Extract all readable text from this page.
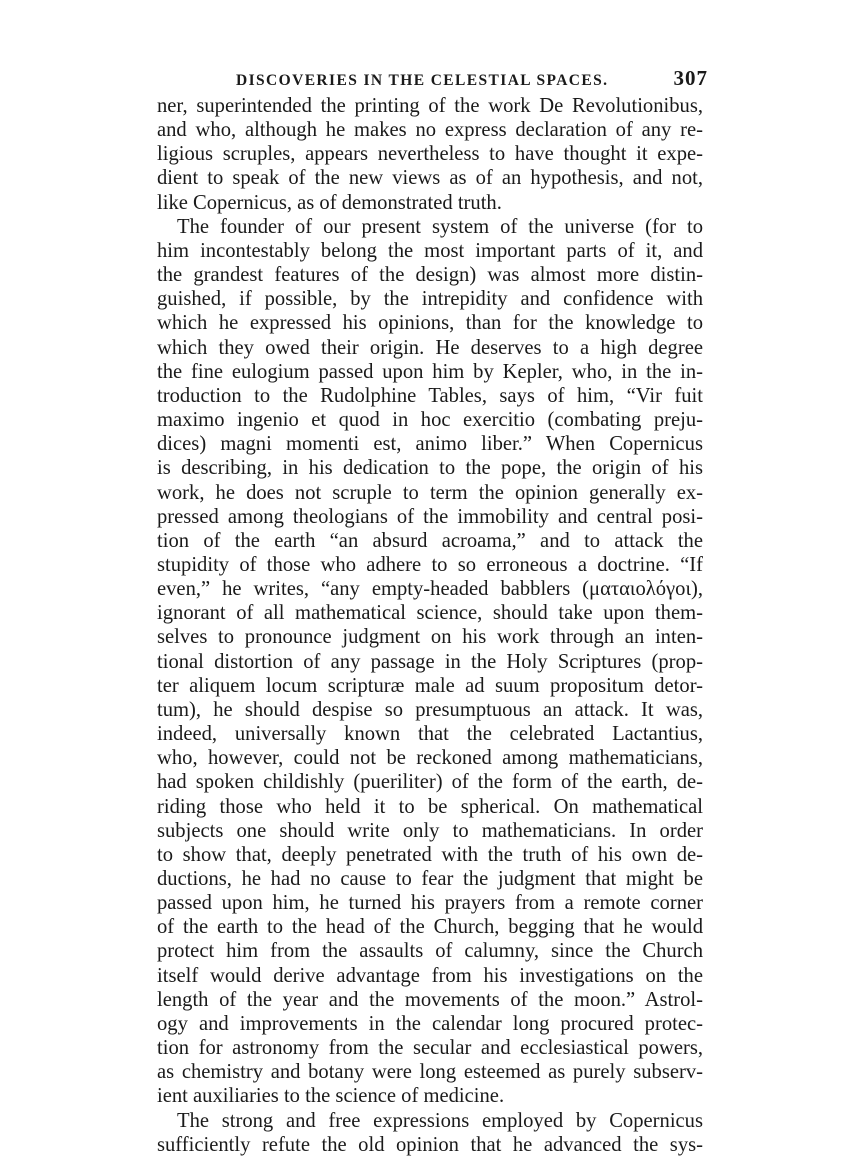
DISCOVERIES IN THE CELESTIAL SPACES.	307
ner, superintended the printing of the work De Revolutionibus,
and who, although he makes no express declaration of any re-
ligious scruples, appears nevertheless to have thought it expe-
dient to speak of the new views as of an hypothesis, and not,
like Copernicus, as of demonstrated truth.
The founder of our present system of the universe (for to
him incontestably belong the most important parts of it, and
the grandest features of the design) was almost more distin-
guished, if possible, by the intrepidity and confidence with
which he expressed his opinions, than for the knowledge to
which they owed their origin. He deserves to a high degree
the fine eulogium passed upon him by Kepler, who, in the in-
troduction to the Rudolphine Tables, says of him, “Vir fuit
maximo ingenio et quod in hoc exercitio (combating preju-
dices) magni momenti est, animo liber.” When Copernicus
is describing, in his dedication to the pope, the origin of his
work, he does not scruple to term the opinion generally ex-
pressed among theologians of the immobility and central posi-
tion of the earth “an absurd acroama,” and to attack the
stupidity of those who adhere to so erroneous a doctrine. “If
even,” he writes, “any empty-headed babblers (ματαιολόγοι),
ignorant of all mathematical science, should take upon them-
selves to pronounce judgment on his work through an inten-
tional distortion of any passage in the Holy Scriptures (prop-
ter aliquem locum scripturæ male ad suum propositum detor-
tum), he should despise so presumptuous an attack. It was,
indeed, universally known that the celebrated Lactantius,
who, however, could not be reckoned among mathematicians,
had spoken childishly (pueriliter) of the form of the earth, de-
riding those who held it to be spherical. On mathematical
subjects one should write only to mathematicians. In order
to show that, deeply penetrated with the truth of his own de-
ductions, he had no cause to fear the judgment that might be
passed upon him, he turned his prayers from a remote corner
of the earth to the head of the Church, begging that he would
protect him from the assaults of calumny, since the Church
itself would derive advantage from his investigations on the
length of the year and the movements of the moon.” Astrol-
ogy and improvements in the calendar long procured protec-
tion for astronomy from the secular and ecclesiastical powers,
as chemistry and botany were long esteemed as purely subserv-
ient auxiliaries to the science of medicine.
The strong and free expressions employed by Copernicus
sufficiently refute the old opinion that he advanced the sys-
